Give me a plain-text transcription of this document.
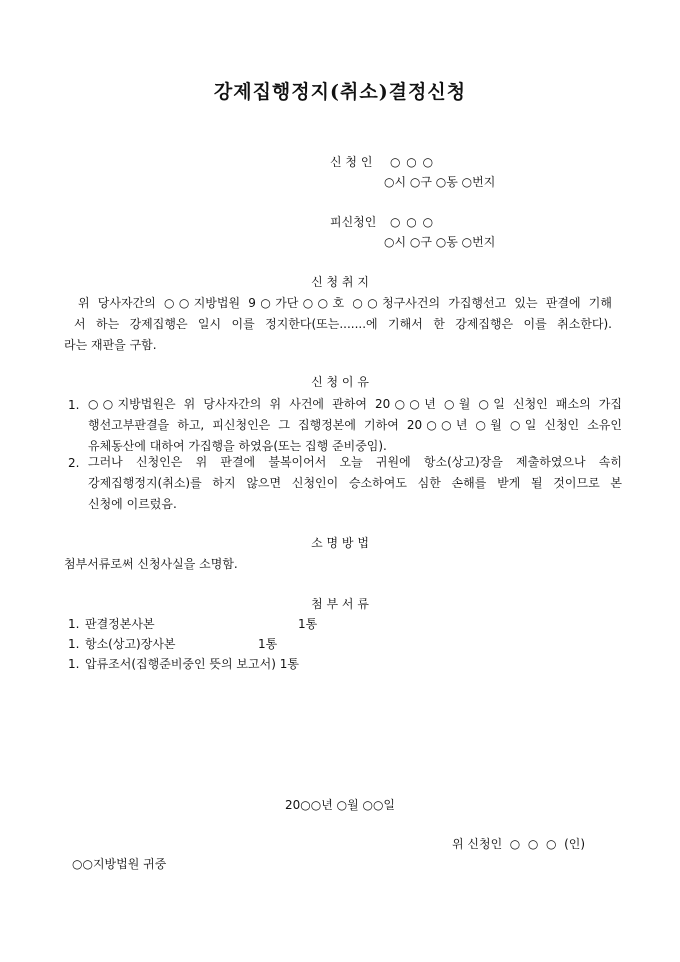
강제집행정지(취소)결정신청
신 청 인 ○ ○ ○
○시 ○구 ○동 ○번지
피신청인 ○ ○ ○
○시 ○구 ○동 ○번지
신 청 취 지
위 당사자간의 ○○지방법원 9○가단○○호 ○○청구사건의 가집행선고 있는 판결에 기해
서 하는 강제집행은 일시 이를 정지한다(또는.......에 기해서 한 강제집행은 이를 취소한다).
라는 재판을 구함.
신 청 이 유
1. ○○지방법원은 위 당사자간의 위 사건에 관하여 20○○년 ○월 ○일 신청인 패소의 가집
행선고부판결을 하고, 피신청인은 그 집행정본에 기하여 20○○년 ○월 ○일 신청인 소유인
유체동산에 대하여 가집행을 하였음(또는 집행 준비중임).
2. 그러나 신청인은 위 판결에 불복이어서 오늘 귀원에 항소(상고)장을 제출하였으나 속히
강제집행정지(취소)를 하지 않으면 신청인이 승소하여도 심한 손해를 받게 될 것이므로 본
신청에 이르렀음.
소 명 방 법
첨부서류로써 신청사실을 소명함.
첨 부 서 류
1. 판결정본사본	1통
1. 항소(상고)장사본	1통
1. 압류조서(집행준비중인 뜻의 보고서) 1통
20○○년 ○월 ○○일
위 신청인  ○  ○  ○  (인)
○○지방법원 귀중
